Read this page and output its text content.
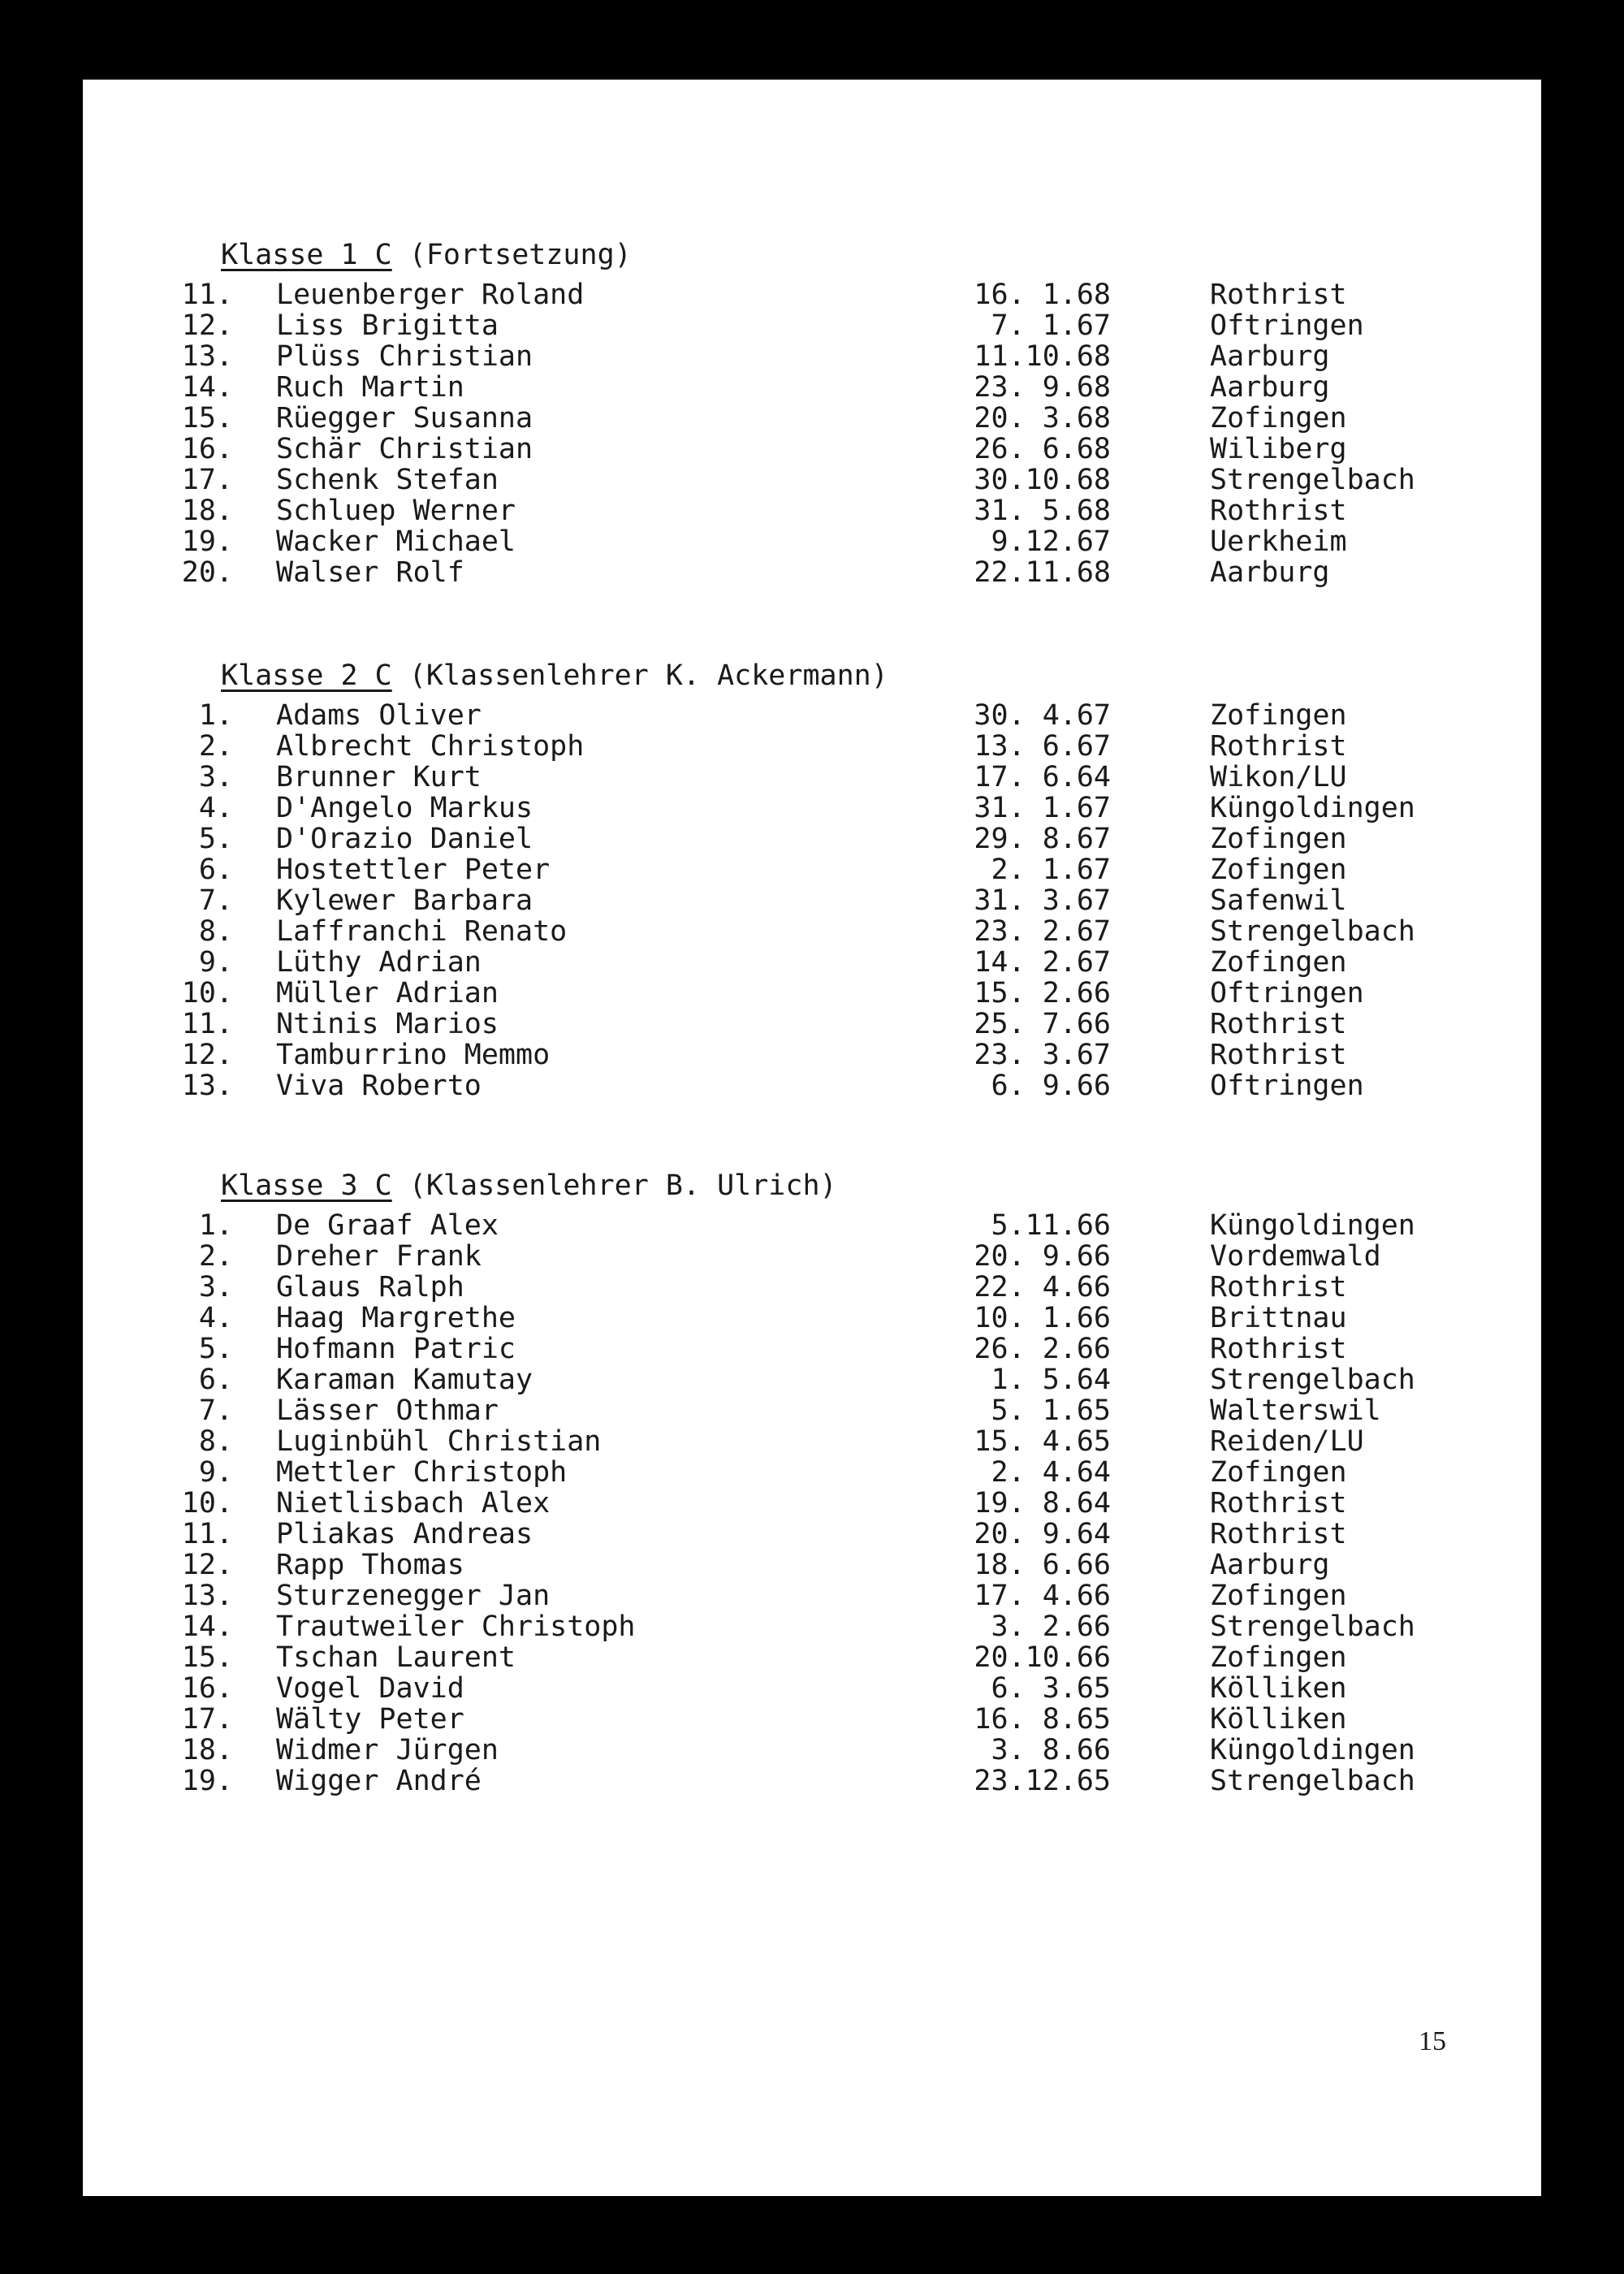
Klasse 1 C (Fortsetzung)
11. Leuenberger Roland	16. 1.68	Rothrist
12. Liss Brigitta	7. 1.67	Oftringen
13. Plüss Christian	11.10.68	Aarburg
14. Ruch Martin	23. 9.68	Aarburg
15. Rüegger Susanna	20. 3.68	Zofingen
16. Schär Christian	26. 6.68	Wiliberg
17. Schenk Stefan	30.10.68	Strengelbach
18. Schluep Werner	31. 5.68	Rothrist
19. Wacker Michael	9.12.67	Uerkheim
20. Walser Rolf	22.11.68	Aarburg
Klasse 2 C (Klassenlehrer K. Ackermann)
1. Adams Oliver	30. 4.67	Zofingen
2. Albrecht Christoph	13. 6.67	Rothrist
3. Brunner Kurt	17. 6.64	Wikon/LU
4. D'Angelo Markus	31. 1.67	Küngoldingen
5. D'Orazio Daniel	29. 8.67	Zofingen
6. Hostettler Peter	2. 1.67	Zofingen
7. Kylewer Barbara	31. 3.67	Safenwil
8. Laffranchi Renato	23. 2.67	Strengelbach
9. Lüthy Adrian	14. 2.67	Zofingen
10. Müller Adrian	15. 2.66	Oftringen
11. Ntinis Marios	25. 7.66	Rothrist
12. Tamburrino Memmo	23. 3.67	Rothrist
13. Viva Roberto	6. 9.66	Oftringen
Klasse 3 C (Klassenlehrer B. Ulrich)
1. De Graaf Alex	5.11.66	Küngoldingen
2. Dreher Frank	20. 9.66	Vordemwald
3. Glaus Ralph	22. 4.66	Rothrist
4. Haag Margrethe	10. 1.66	Brittnau
5. Hofmann Patric	26. 2.66	Rothrist
6. Karaman Kamutay	1. 5.64	Strengelbach
7. Lässer Othmar	5. 1.65	Walterswil
8. Luginbühl Christian	15. 4.65	Reiden/LU
9. Mettler Christoph	2. 4.64	Zofingen
10. Nietlisbach Alex	19. 8.64	Rothrist
11. Pliakas Andreas	20. 9.64	Rothrist
12. Rapp Thomas	18. 6.66	Aarburg
13. Sturzenegger Jan	17. 4.66	Zofingen
14. Trautweiler Christoph	3. 2.66	Strengelbach
15. Tschan Laurent	20.10.66	Zofingen
16. Vogel David	6. 3.65	Kölliken
17. Wälty Peter	16. 8.65	Kölliken
18. Widmer Jürgen	3. 8.66	Küngoldingen
19. Wigger André	23.12.65	Strengelbach
15
